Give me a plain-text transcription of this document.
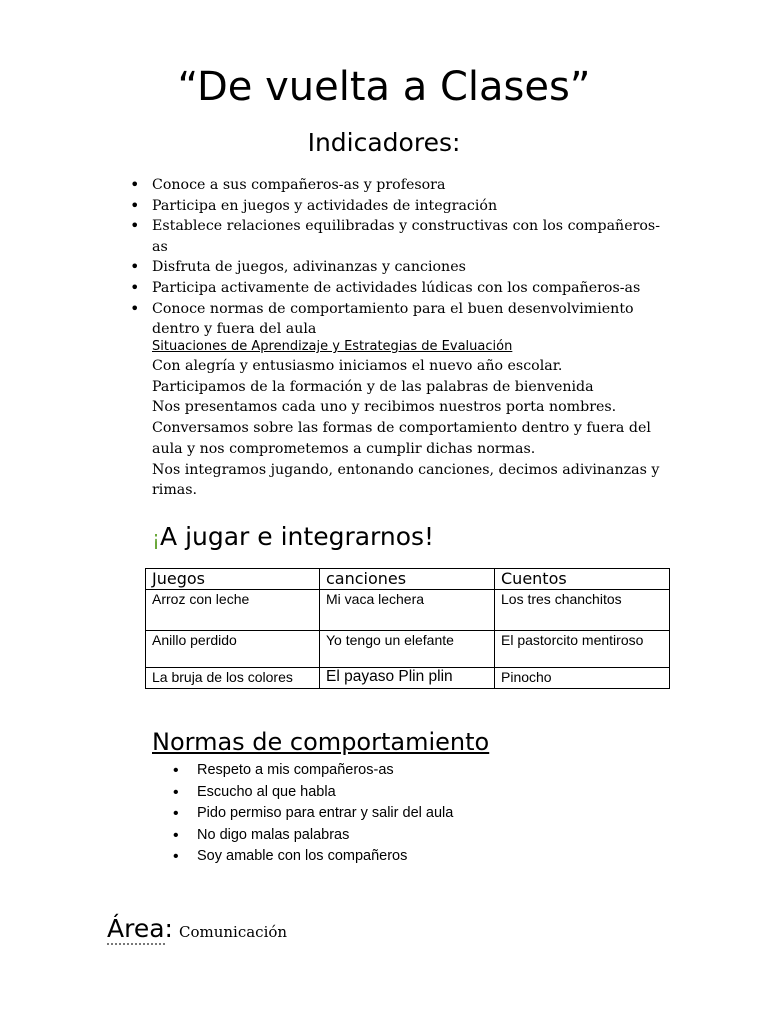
“De vuelta a Clases”
Indicadores:
• Conoce a sus compañeros-as y profesora
• Participa en juegos y actividades de integración
• Establece relaciones equilibradas y constructivas con los compañeros-as
• Disfruta de juegos, adivinanzas y canciones
• Participa activamente de actividades lúdicas con los compañeros-as
• Conoce normas de comportamiento para el buen desenvolvimiento dentro y fuera del aula

Situaciones de Aprendizaje y Estrategias de Evaluación

Con alegría y entusiasmo iniciamos el nuevo año escolar.

Participamos de la formación y de las palabras de bienvenida

Nos presentamos cada uno y recibimos nuestros porta nombres.

Conversamos sobre las formas de comportamiento dentro y fuera del aula y nos comprometemos a cumplir dichas normas.

Nos integramos jugando, entonando canciones, decimos adivinanzas y rimas.

¡A jugar e integrarnos!
Juegos	canciones	Cuentos
Arroz con leche	Mi vaca lechera	Los tres chanchitos
Anillo perdido	Yo tengo un elefante	El pastorcito mentiroso
La bruja de los colores	El payaso Plin plin	Pinocho
Normas de comportamiento
• Respeto a mis compañeros-as
• Escucho al que habla
• Pido permiso para entrar y salir del aula
• No digo malas palabras
• Soy amable con los compañeros
Área: Comunicación
